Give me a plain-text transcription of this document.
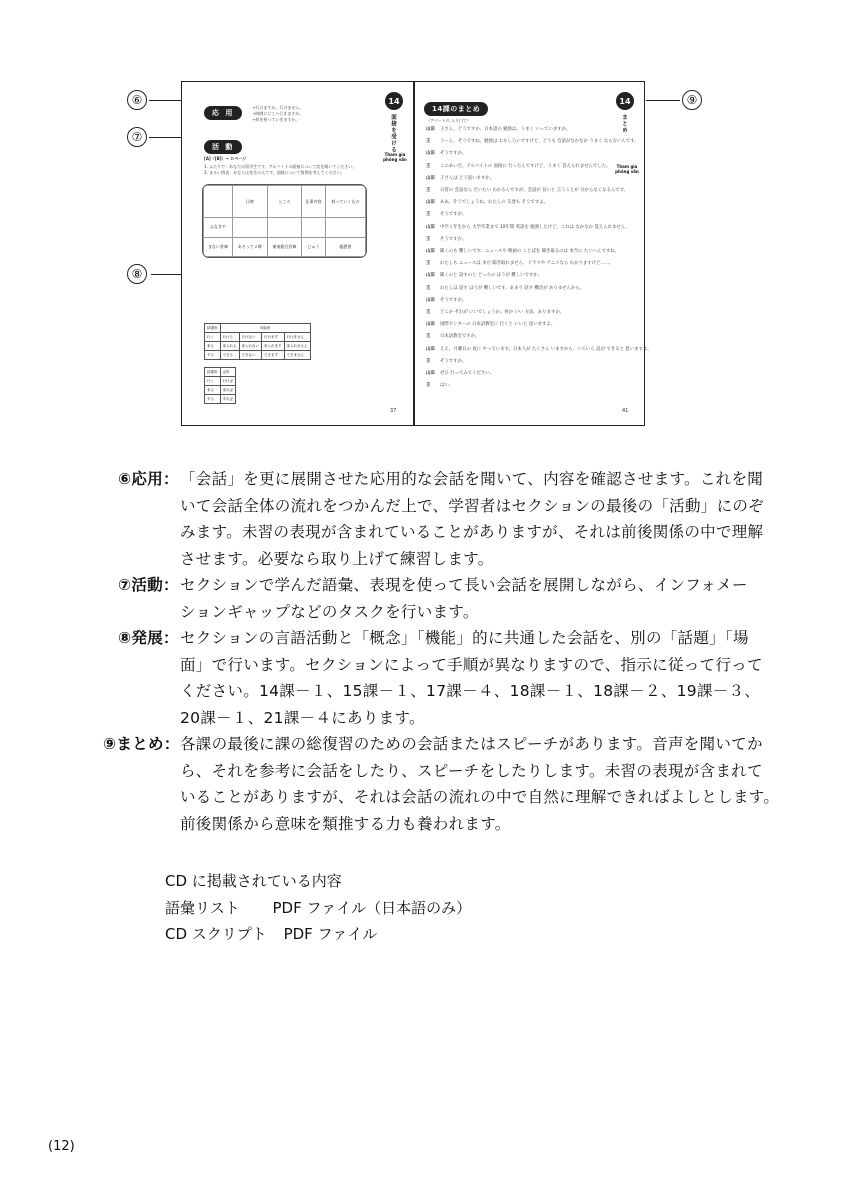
⑥
⑦
⑧
⑨
応 用
→行けますか。行けません。
→時間にどこへ行きますか。
→何を持っていきますか。
活 動
[A]（[B]）→ ロページ
1. ふたりで：あなたは留学生です。アルバイトの面接について話を聞いてください。
2. まるい図表：あなたは先生の人です。面接について質問を考えてください。
	日時	ところ	仕事内容	持っていくもの
ふなきや				
まない倉庫	あさって２時	東南総合倉庫	じゅう	履歴書
辞書形	可能形			
行く	行ける	行けない	行けます	行けません
来る	来られる	来られない	来られます	来られません
する	できる	できない	できます	できません
辞書形	ば形
行く	行けば
来る	来れば
する	すれば
37
14
面接を受ける
Tham gia phỏng vấn
14課のまとめ
〈アパートの 入り口で〉
山田 王さん、どうですか。日本語の 勉強は。うまく いっていますか。
王 うーん、そうですね。勉強は おもしろいですけど、どうも 会話がなかなか うまく ならないんです。
山田 そうですか。
王 このあいだ、アルバイトの 面接に 行ったんですけど、うまく 答えられませんでした。
山田 王さんは どう思いますか。
王 日常の 会話なら だいたい わかるんですが、会話が 長いと 言うことが 分からなくなるんです。
山田 ああ、そうでしょうね。わたしの 友達も そうですよ。
王 そうですか。
山田 中学１年生から 大学卒業まで 10年間 英語を 勉強したけど、これは なかなか 覚えられません。
王 そうですか。
山田 聞くのも 難しいです。ニュースや 映画の ことばを 聞き取るのは 本当に たいへんですね。
王 わたしも ニュースは まだ 聞き取れません。ドラマや アニメなら わかりますけど……。
山田 聞くのと 話すのと どっちの ほうが 難しいですか。
王 わたしは 話す ほうが 難しいです。あまり 話す 機会が ありませんから。
山田 そうですか。
王 どこか それが いいでしょうか。何か いい 方法、ありますか。
山田 国際センターの 日本語教室に 行くと いいと 思いますよ。
王 日本語教室ですか。
山田 ええ。月曜日の 夜に やっています。日本人が たくさん いますから、いろいろ 話が できると 思いますよ。
王 そうですか。
山田 ぜひ 行ってみてください。
王 はい。
41
14
まとめ
Tham gia phỏng vấn
⑥応用： 「会話」を更に展開させた応用的な会話を聞いて、内容を確認させます。これを聞
いて会話全体の流れをつかんだ上で、学習者はセクションの最後の「活動」にのぞ
みます。未習の表現が含まれていることがありますが、それは前後関係の中で理解
させます。必要なら取り上げて練習します。
⑦活動： セクションで学んだ語彙、表現を使って長い会話を展開しながら、インフォメー
ションギャップなどのタスクを行います。
⑧発展： セクションの言語活動と「概念」「機能」的に共通した会話を、別の「話題」「場
面」で行います。セクションによって手順が異なりますので、指示に従って行って
ください。14課－１、15課－１、17課－４、18課－１、18課－２、19課－３、
20課－１、21課－４にあります。
⑨まとめ： 各課の最後に課の総復習のための会話またはスピーチがあります。音声を聞いてか
ら、それを参考に会話をしたり、スピーチをしたりします。未習の表現が含まれて
いることがありますが、それは会話の流れの中で自然に理解できればよしとします。
前後関係から意味を類推する力も養われます。
CD に掲載されている内容
語彙リスト PDF ファイル（日本語のみ）
CD スクリプト PDF ファイル
(12)
